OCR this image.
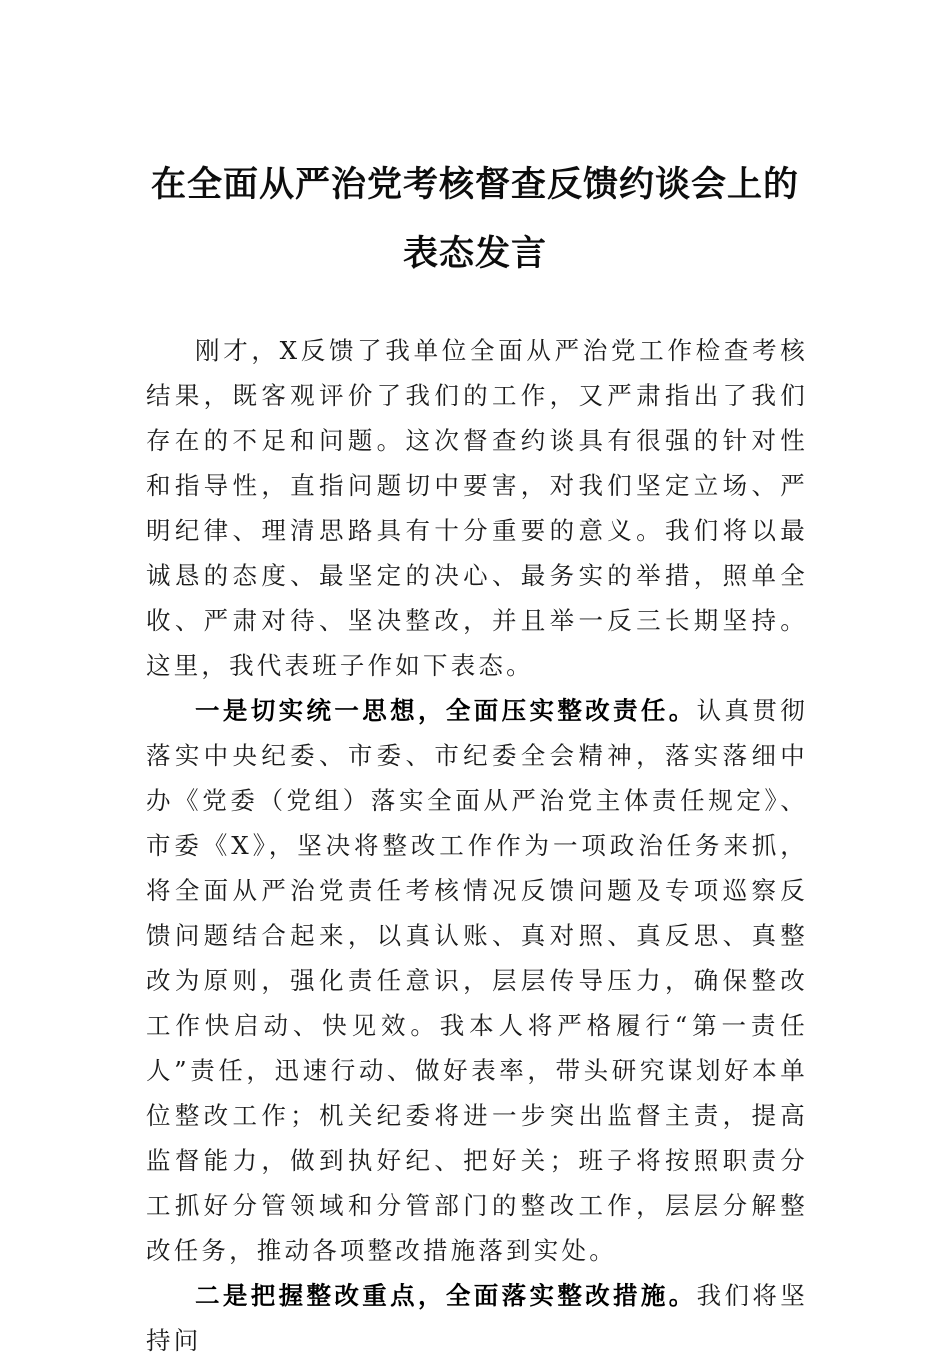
在全面从严治党考核督查反馈约谈会上的
表态发言

刚才，X反馈了我单位全面从严治党工作检查考核结果，既客观评价了我们的工作，又严肃指出了我们存在的不足和问题。这次督查约谈具有很强的针对性和指导性，直指问题切中要害，对我们坚定立场、严明纪律、理清思路具有十分重要的意义。我们将以最诚恳的态度、最坚定的决心、最务实的举措，照单全收、严肃对待、坚决整改，并且举一反三长期坚持。这里，我代表班子作如下表态。

一是切实统一思想，全面压实整改责任。认真贯彻落实中央纪委、市委、市纪委全会精神，落实落细中办《党委（党组）落实全面从严治党主体责任规定》、市委《X》，坚决将整改工作作为一项政治任务来抓，将全面从严治党责任考核情况反馈问题及专项巡察反馈问题结合起来，以真认账、真对照、真反思、真整改为原则，强化责任意识，层层传导压力，确保整改工作快启动、快见效。我本人将严格履行“第一责任人”责任，迅速行动、做好表率，带头研究谋划好本单位整改工作；机关纪委将进一步突出监督主责，提高监督能力，做到执好纪、把好关；班子将按照职责分工抓好分管领域和分管部门的整改工作，层层分解整改任务，推动各项整改措施落到实处。

二是把握整改重点，全面落实整改措施。我们将坚持问
